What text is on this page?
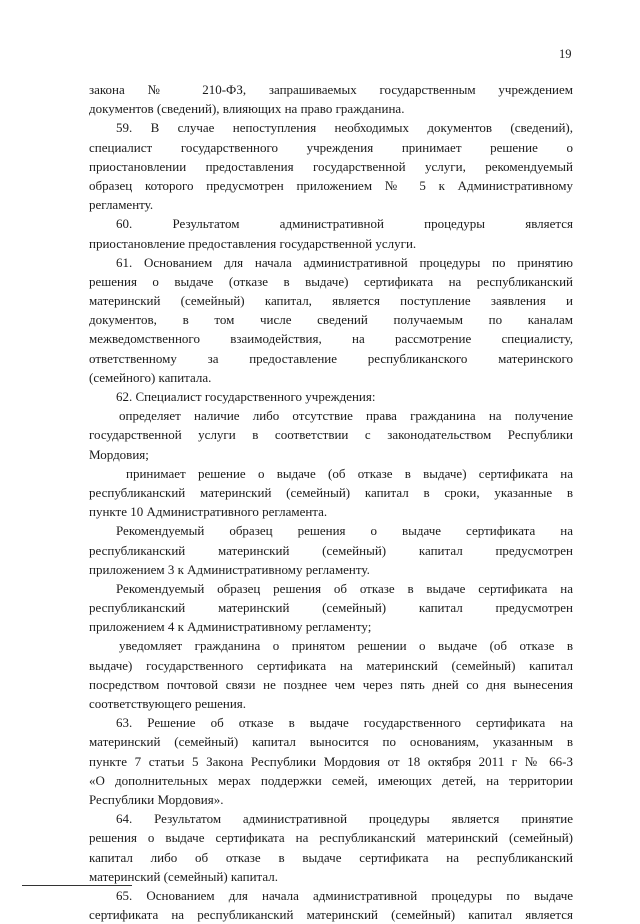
19

закона № 210-ФЗ, запрашиваемых государственным учреждением
документов (сведений), влияющих на право гражданина.

59. В случае непоступления необходимых документов (сведений),
специалист государственного учреждения принимает решение о
приостановлении предоставления государственной услуги, рекомендуемый
образец которого предусмотрен приложением № 5 к Административному
регламенту.

60. Результатом административной процедуры является
приостановление предоставления государственной услуги.

61. Основанием для начала административной процедуры по принятию
решения о выдаче (отказе в выдаче) сертификата на республиканский
материнский (семейный) капитал, является поступление заявления и
документов, в том числе сведений получаемым по каналам
межведомственного взаимодействия, на рассмотрение специалисту,
ответственному за предоставление республиканского материнского
(семейного) капитала.

62. Специалист государственного учреждения:

определяет наличие либо отсутствие права гражданина на получение
государственной услуги в соответствии с законодательством Республики
Мордовия;

принимает решение о выдаче (об отказе в выдаче) сертификата на
республиканский материнский (семейный) капитал в сроки, указанные в
пункте 10 Административного регламента.

Рекомендуемый образец решения о выдаче сертификата на
республиканский материнский (семейный) капитал предусмотрен
приложением 3 к Административному регламенту.

Рекомендуемый образец решения об отказе в выдаче сертификата на
республиканский материнский (семейный) капитал предусмотрен
приложением 4 к Административному регламенту;

уведомляет гражданина о принятом решении о выдаче (об отказе в
выдаче) государственного сертификата на материнский (семейный) капитал
посредством почтовой связи не позднее чем через пять дней со дня вынесения
соответствующего решения.

63. Решение об отказе в выдаче государственного сертификата на
материнский (семейный) капитал выносится по основаниям, указанным в
пункте 7 статьи 5 Закона Республики Мордовия от 18 октября 2011 г № 66-З
«О дополнительных мерах поддержки семей, имеющих детей, на территории
Республики Мордовия».

64. Результатом административной процедуры является принятие
решения о выдаче сертификата на республиканский материнский (семейный)
капитал либо об отказе в выдаче сертификата на республиканский
материнский (семейный) капитал.

65. Основанием для начала административной процедуры по выдаче
сертификата на республиканский материнский (семейный) капитал является
